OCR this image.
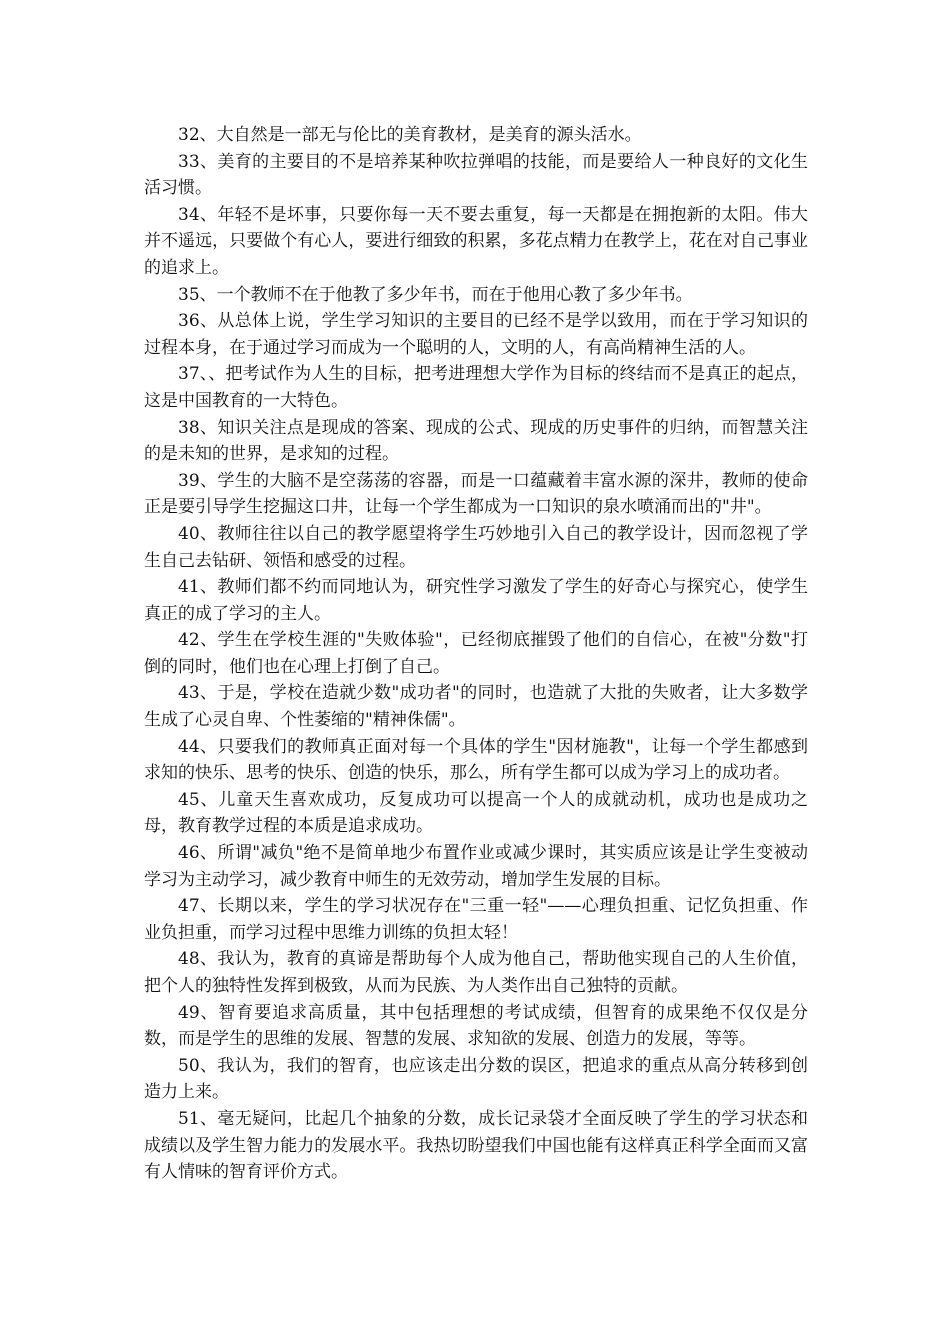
32、大自然是一部无与伦比的美育教材，是美育的源头活水。

33、美育的主要目的不是培养某种吹拉弹唱的技能，而是要给人一种良好的文化生活习惯。

34、年轻不是坏事，只要你每一天不要去重复，每一天都是在拥抱新的太阳。伟大并不遥远，只要做个有心人，要进行细致的积累，多花点精力在教学上，花在对自己事业的追求上。

35、一个教师不在于他教了多少年书，而在于他用心教了多少年书。

36、从总体上说，学生学习知识的主要目的已经不是学以致用，而在于学习知识的过程本身，在于通过学习而成为一个聪明的人，文明的人，有高尚精神生活的人。

37、、把考试作为人生的目标，把考进理想大学作为目标的终结而不是真正的起点，这是中国教育的一大特色。

38、知识关注点是现成的答案、现成的公式、现成的历史事件的归纳，而智慧关注的是未知的世界，是求知的过程。

39、学生的大脑不是空荡荡的容器，而是一口蕴藏着丰富水源的深井，教师的使命正是要引导学生挖掘这口井，让每一个学生都成为一口知识的泉水喷涌而出的"井"。

40、教师往往以自己的教学愿望将学生巧妙地引入自己的教学设计，因而忽视了学生自己去钻研、领悟和感受的过程。

41、教师们都不约而同地认为，研究性学习激发了学生的好奇心与探究心，使学生真正的成了学习的主人。

42、学生在学校生涯的"失败体验"，已经彻底摧毁了他们的自信心，在被"分数"打倒的同时，他们也在心理上打倒了自己。

43、于是，学校在造就少数"成功者"的同时，也造就了大批的失败者，让大多数学生成了心灵自卑、个性萎缩的"精神侏儒"。

44、只要我们的教师真正面对每一个具体的学生"因材施教"，让每一个学生都感到求知的快乐、思考的快乐、创造的快乐，那么，所有学生都可以成为学习上的成功者。

45、儿童天生喜欢成功，反复成功可以提高一个人的成就动机，成功也是成功之母，教育教学过程的本质是追求成功。

46、所谓"减负"绝不是简单地少布置作业或减少课时，其实质应该是让学生变被动学习为主动学习，减少教育中师生的无效劳动，增加学生发展的目标。

47、长期以来，学生的学习状况存在"三重一轻"——心理负担重、记忆负担重、作业负担重，而学习过程中思维力训练的负担太轻！

48、我认为，教育的真谛是帮助每个人成为他自己，帮助他实现自己的人生价值，把个人的独特性发挥到极致，从而为民族、为人类作出自己独特的贡献。

49、智育要追求高质量，其中包括理想的考试成绩，但智育的成果绝不仅仅是分数，而是学生的思维的发展、智慧的发展、求知欲的发展、创造力的发展，等等。

50、我认为，我们的智育，也应该走出分数的误区，把追求的重点从高分转移到创造力上来。

51、毫无疑问，比起几个抽象的分数，成长记录袋才全面反映了学生的学习状态和成绩以及学生智力能力的发展水平。我热切盼望我们中国也能有这样真正科学全面而又富有人情味的智育评价方式。
